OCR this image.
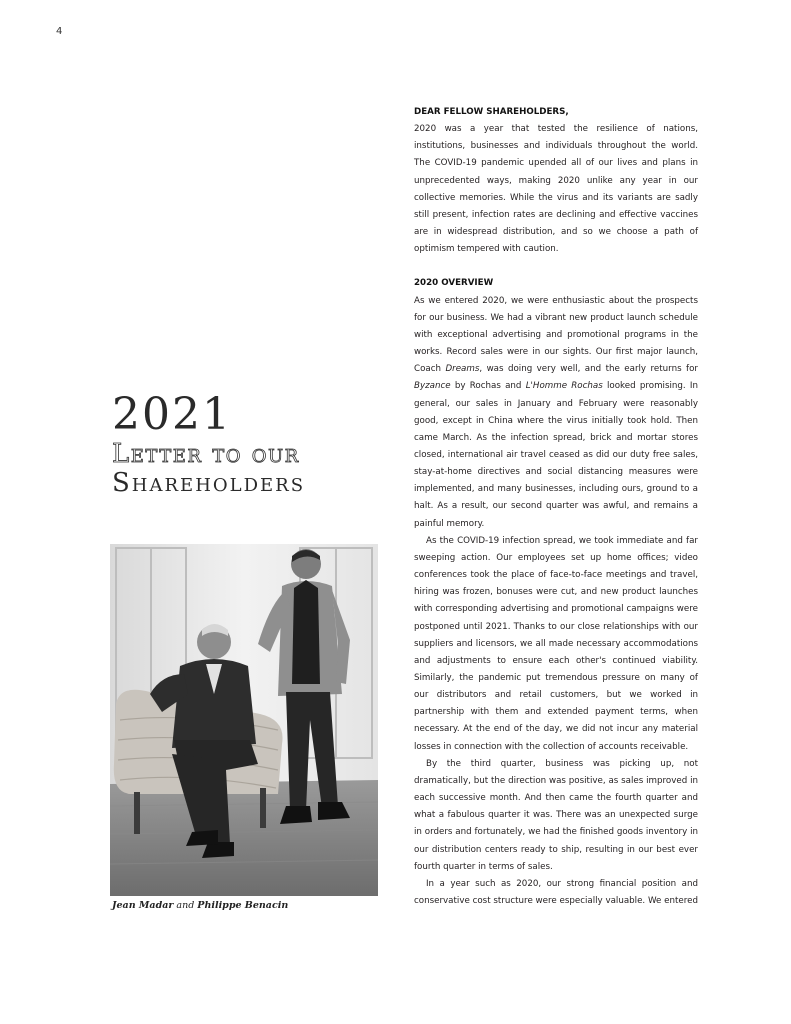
4
2021
Letter to our
Shareholders
Jean Madar and Philippe Benacin
DEAR FELLOW SHAREHOLDERS,

2020 was a year that tested the resilience of nations, institutions, businesses and individuals throughout the world. The COVID-19 pandemic upended all of our lives and plans in unprecedented ways, making 2020 unlike any year in our collective memories. While the virus and its variants are sadly still present, infection rates are declining and effective vaccines are in widespread distribution, and so we choose a path of optimism tempered with caution.

2020 OVERVIEW

As we entered 2020, we were enthusiastic about the prospects for our business. We had a vibrant new product launch schedule with exceptional advertising and promotional programs in the works. Record sales were in our sights. Our first major launch, Coach Dreams, was doing very well, and the early returns for Byzance by Rochas and L'Homme Rochas looked promising. In general, our sales in January and February were reasonably good, except in China where the virus initially took hold. Then came March. As the infection spread, brick and mortar stores closed, international air travel ceased as did our duty free sales, stay-at-home directives and social distancing measures were implemented, and many businesses, including ours, ground to a halt. As a result, our second quarter was awful, and remains a painful memory.

As the COVID-19 infection spread, we took immediate and far sweeping action. Our employees set up home offices; video conferences took the place of face-to-face meetings and travel, hiring was frozen, bonuses were cut, and new product launches with corresponding advertising and promotional campaigns were postponed until 2021. Thanks to our close relationships with our suppliers and licensors, we all made necessary accommodations and adjustments to ensure each other's continued viability. Similarly, the pandemic put tremendous pressure on many of our distributors and retail customers, but we worked in partnership with them and extended payment terms, when necessary. At the end of the day, we did not incur any material losses in connection with the collection of accounts receivable.

By the third quarter, business was picking up, not dramatically, but the direction was positive, as sales improved in each successive month. And then came the fourth quarter and what a fabulous quarter it was. There was an unexpected surge in orders and fortunately, we had the finished goods inventory in our distribution centers ready to ship, resulting in our best ever fourth quarter in terms of sales.

In a year such as 2020, our strong financial position and conservative cost structure were especially valuable. We entered
